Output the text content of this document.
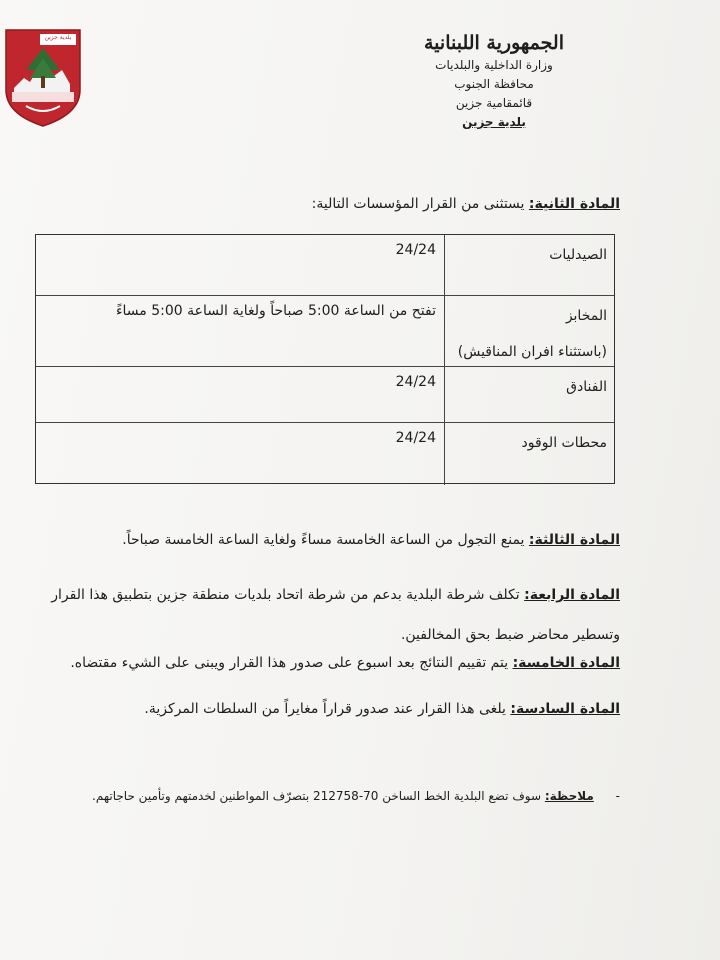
بلدية جزين	الجمهورية اللبنانية
وزارة الداخلية والبلديات
محافظة الجنوب
قائمقامية جزين
بلدية جزين
المادة الثانية: يستثنى من القرار المؤسسات التالية:
الصيدليات
24/24
المخابز
(باستثناء افران المناقيش)
تفتح من الساعة 5:00 صباحاً ولغاية الساعة 5:00 مساءً
الفنادق
24/24
محطات الوقود
24/24
المادة الثالثة: يمنع التجول من الساعة الخامسة مساءً ولغاية الساعة الخامسة صباحاً.
المادة الرابعة: تكلف شرطة البلدية بدعم من شرطة اتحاد بلديات منطقة جزين بتطبيق هذا القرار وتسطير محاضر ضبط بحق المخالفين.
المادة الخامسة: يتم تقييم النتائج بعد اسبوع على صدور هذا القرار ويبنى على الشيء مقتضاه.
المادة السادسة: يلغى هذا القرار عند صدور قراراً مغايراً من السلطات المركزية.
- ملاحظة: سوف تضع البلدية الخط الساخن 70-212758 بتصرّف المواطنين لخدمتهم وتأمين حاجاتهم.
